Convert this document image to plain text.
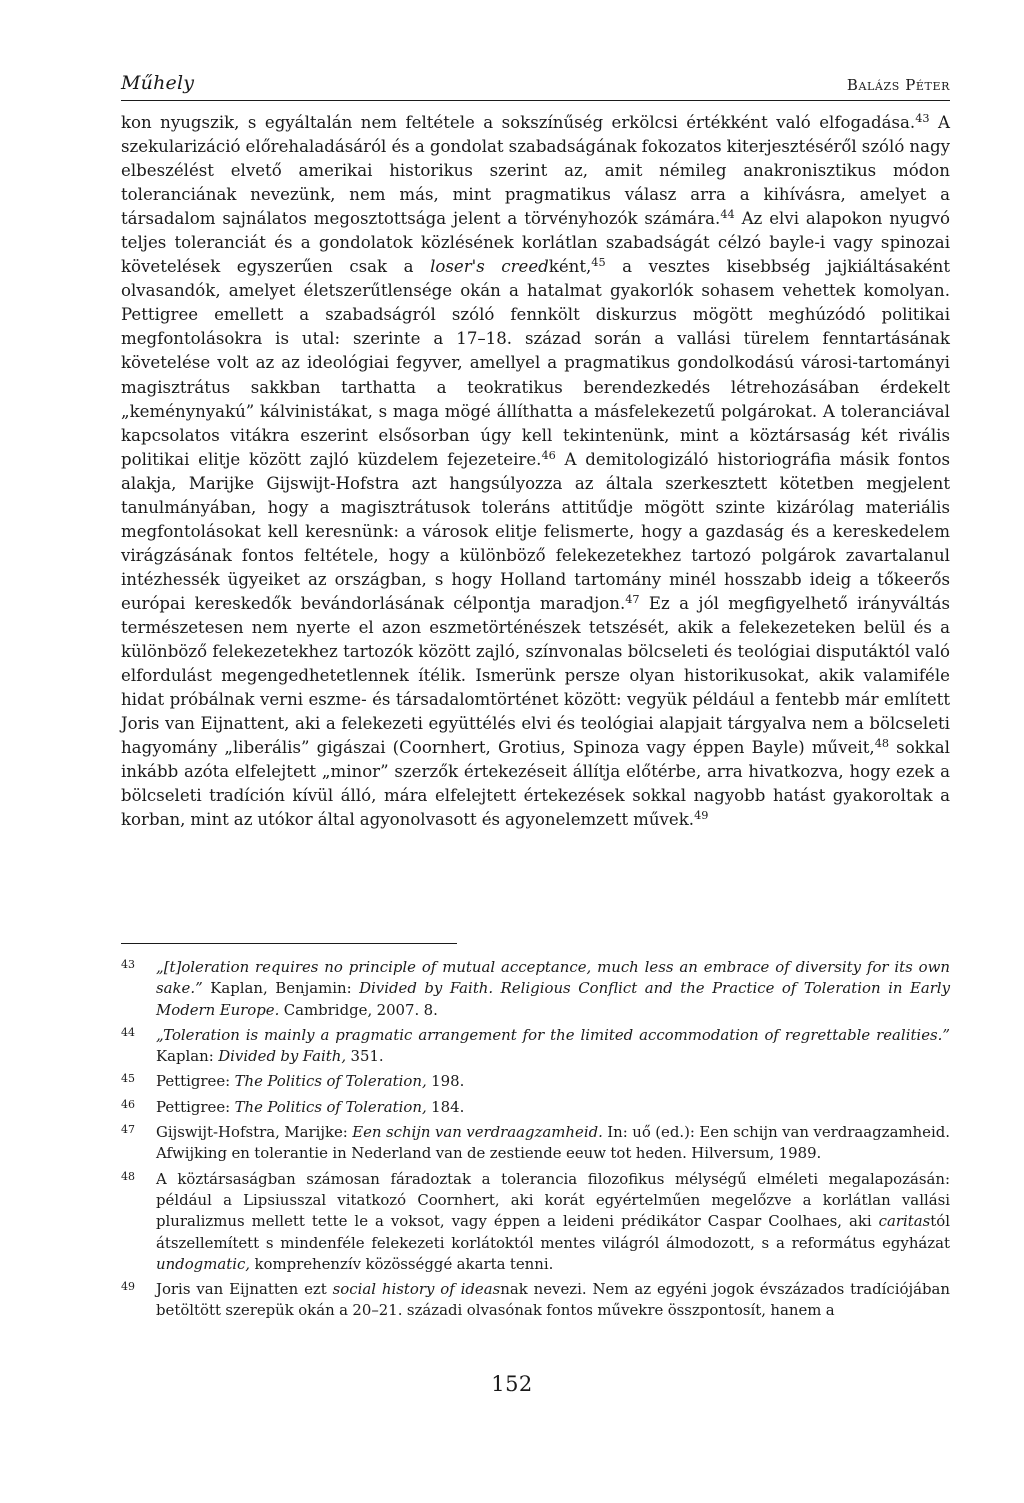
Műhely	Balázs Péter

kon nyugszik, s egyáltalán nem feltétele a sokszínűség erkölcsi értékként való elfogadása.$^{43}$ A szekularizáció előrehaladásáról és a gondolat szabadságának fokozatos kiterjesztéséről szóló nagy elbeszélést elvető amerikai historikus szerint az, amit némileg anakronisztikus módon toleranciának nevezünk, nem más, mint pragmatikus válasz arra a kihívásra, amelyet a társadalom sajnálatos megosztottsága jelent a törvényhozók számára.$^{44}$ Az elvi alapokon nyugvó teljes toleranciát és a gondolatok közlésének korlátlan szabadságát célzó bayle-i vagy spinozai követelések egyszerűen csak a loser's creedként,$^{45}$ a vesztes kisebbség jajkiáltásaként olvasandók, amelyet életszerűtlensége okán a hatalmat gyakorlók sohasem vehettek komolyan. Pettigree emellett a szabadságról szóló fennkölt diskurzus mögött meghúzódó politikai megfontolásokra is utal: szerinte a 17–18. század során a vallási türelem fenntartásának követelése volt az az ideológiai fegyver, amellyel a pragmatikus gondolkodású városi-tartományi magisztrátus sakkban tarthatta a teokratikus berendezkedés létrehozásában érdekelt „keménynyakú” kálvinistákat, s maga mögé állíthatta a másfelekezetű polgárokat. A toleranciával kapcsolatos vitákra eszerint elsősorban úgy kell tekintenünk, mint a köztársaság két rivális politikai elitje között zajló küzdelem fejezeteire.$^{46}$ A demitologizáló historiográfia másik fontos alakja, Marijke Gijswijt-Hofstra azt hangsúlyozza az általa szerkesztett kötetben megjelent tanulmányában, hogy a magisztrátusok toleráns attitűdje mögött szinte kizárólag materiális megfontolásokat kell keresnünk: a városok elitje felismerte, hogy a gazdaság és a kereskedelem virágzásának fontos feltétele, hogy a különböző felekezetekhez tartozó polgárok zavartalanul intézhessék ügyeiket az országban, s hogy Holland tartomány minél hosszabb ideig a tőkeerős európai kereskedők bevándorlásának célpontja maradjon.$^{47}$ Ez a jól megfigyelhető irányváltás természetesen nem nyerte el azon eszmetörténészek tetszését, akik a felekezeteken belül és a különböző felekezetekhez tartozók között zajló, színvonalas bölcseleti és teológiai disputáktól való elfordulást megengedhetetlennek ítélik. Ismerünk persze olyan historikusokat, akik valamiféle hidat próbálnak verni eszme- és társadalomtörténet között: vegyük például a fentebb már említett Joris van Eijnattent, aki a felekezeti együttélés elvi és teológiai alapjait tárgyalva nem a bölcseleti hagyomány „liberális” gigászai (Coornhert, Grotius, Spinoza vagy éppen Bayle) műveit,$^{48}$ sokkal inkább azóta elfelejtett „minor” szerzők értekezéseit állítja előtérbe, arra hivatkozva, hogy ezek a bölcseleti tradíción kívül álló, mára elfelejtett értekezések sokkal nagyobb hatást gyakoroltak a korban, mint az utókor által agyonolvasott és agyonelemzett művek.$^{49}$

43 „[t]oleration requires no principle of mutual acceptance, much less an embrace of diversity for its own sake.” Kaplan, Benjamin: Divided by Faith. Religious Conflict and the Practice of Toleration in Early Modern Europe. Cambridge, 2007. 8.
44 „Toleration is mainly a pragmatic arrangement for the limited accommodation of regrettable realities.” Kaplan: Divided by Faith, 351.
45 Pettigree: The Politics of Toleration, 198.
46 Pettigree: The Politics of Toleration, 184.
47 Gijswijt-Hofstra, Marijke: Een schijn van verdraagzamheid. In: uő (ed.): Een schijn van verdraagzamheid. Afwijking en tolerantie in Nederland van de zestiende eeuw tot heden. Hilversum, 1989.
48 A köztársaságban számosan fáradoztak a tolerancia filozofikus mélységű elméleti megalapozásán: például a Lipsiusszal vitatkozó Coornhert, aki korát egyértelműen megelőzve a korlátlan vallási pluralizmus mellett tette le a voksot, vagy éppen a leideni prédikátor Caspar Coolhaes, aki caritastól átszellemített s mindenféle felekezeti korlátoktól mentes világról álmodozott, s a református egyházat undogmatic, komprehenzív közösséggé akarta tenni.
49 Joris van Eijnatten ezt social history of ideasnak nevezi. Nem az egyéni jogok évszázados tradíciójában betöltött szerepük okán a 20–21. századi olvasónak fontos művekre összpontosít, hanem a
152
